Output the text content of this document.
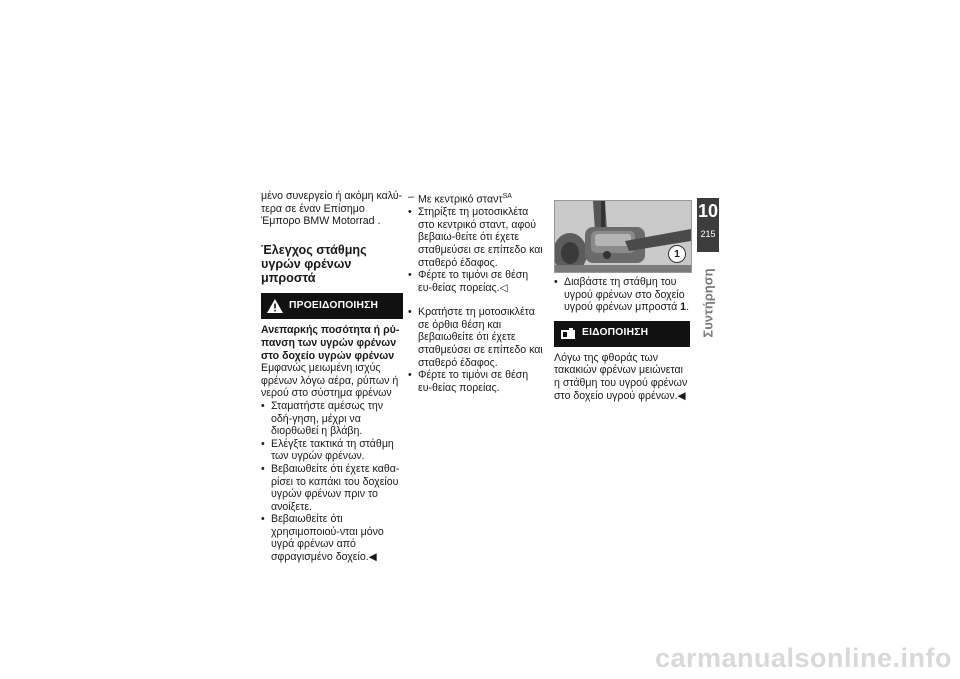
μένο συνεργείο ή ακόμη καλύ-τερα σε έναν Επίσημο Έμπορο BMW Motorrad .

Έλεγχος στάθμης υγρών φρένων μπροστά
ΠΡΟΕΙΔΟΠΟΙΗΣΗ

Ανεπαρκής ποσότητα ή ρύ-πανση των υγρών φρένων στο δοχείο υγρών φρένων

Εμφανώς μειωμένη ισχύς φρένων λόγω αέρα, ρύπων ή νερού στο σύστημα φρένων

• Σταματήστε αμέσως την οδή-γηση, μέχρι να διορθωθεί η βλάβη.
• Ελέγξτε τακτικά τη στάθμη των υγρών φρένων.
• Βεβαιωθείτε ότι έχετε καθα-ρίσει το καπάκι του δοχείου υγρών φρένων πριν το ανοίξετε.
• Βεβαιωθείτε ότι χρησιμοποιού-νται μόνο υγρά φρένων από σφραγισμένο δοχείο.◀
– Με κεντρικό σταντ$^{SA}$
• Στηρίξτε τη μοτοσικλέτα στο κεντρικό σταντ, αφού βεβαιω-θείτε ότι έχετε σταθμεύσει σε επίπεδο και σταθερό έδαφος.
• Φέρτε το τιμόνι σε θέση ευ-θείας πορείας.◁
• Κρατήστε τη μοτοσικλέτα σε όρθια θέση και βεβαιωθείτε ότι έχετε σταθμεύσει σε επίπεδο και σταθερό έδαφος.
• Φέρτε το τιμόνι σε θέση ευ-θείας πορείας.
1
• Διαβάστε τη στάθμη του υγρού φρένων στο δοχείο υγρού φρένων μπροστά 1.
ΕΙΔΟΠΟΙΗΣΗ

Λόγω της φθοράς των τακακιών φρένων μειώνεται η στάθμη του υγρού φρένων στο δοχείο υγρού φρένων.◀

10
215
Συντήρηση
carmanualsonline.info
